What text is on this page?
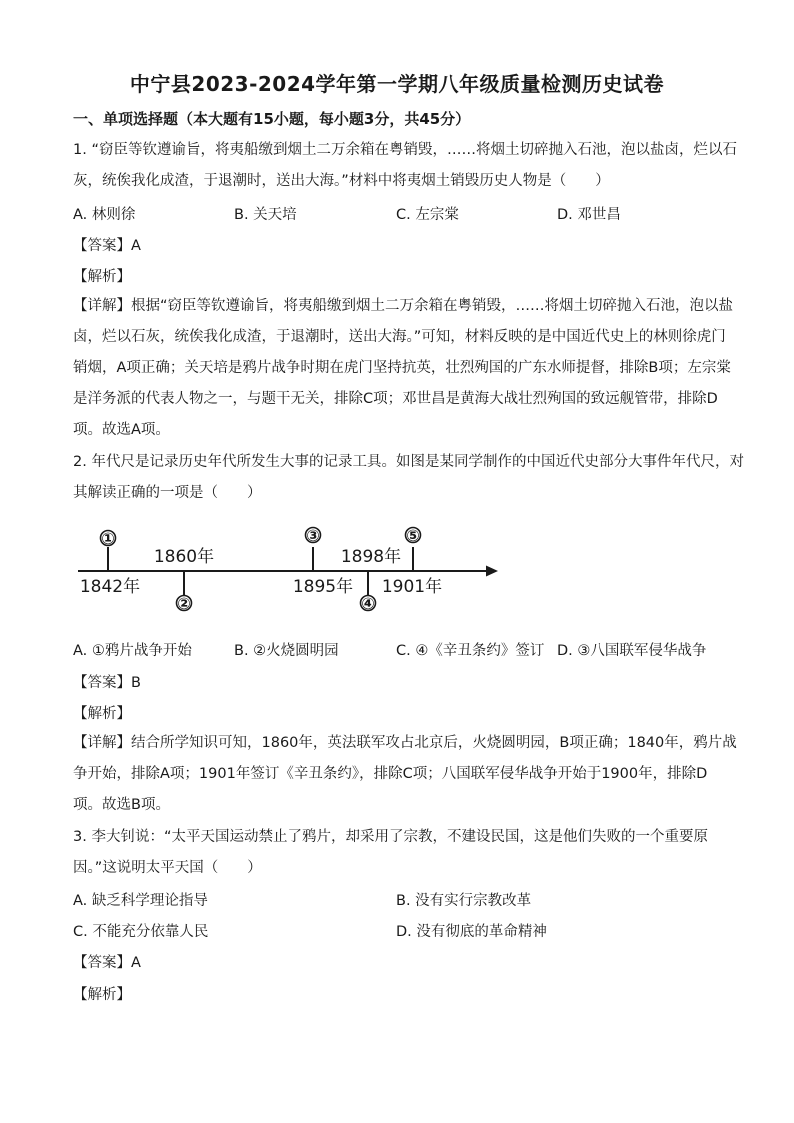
中宁县2023-2024学年第一学期八年级质量检测历史试卷
一、单项选择题（本大题有15小题，每小题3分，共45分）
1. “窃臣等钦遵谕旨，将夷船缴到烟土二万余箱在粤销毁，……将烟土切碎抛入石池，泡以盐卤，烂以石
灰，统俟我化成渣，于退潮时，送出大海。”材料中将夷烟土销毁历史人物是（　　）
A. 林则徐	B. 关天培	C. 左宗棠	D. 邓世昌
【答案】A
【解析】
【详解】根据“窃臣等钦遵谕旨，将夷船缴到烟土二万余箱在粤销毁，……将烟土切碎抛入石池，泡以盐
卤，烂以石灰，统俟我化成渣，于退潮时，送出大海。”可知，材料反映的是中国近代史上的林则徐虎门
销烟，A项正确；关天培是鸦片战争时期在虎门坚持抗英，壮烈殉国的广东水师提督，排除B项；左宗棠
是洋务派的代表人物之一，与题干无关，排除C项；邓世昌是黄海大战壮烈殉国的致远舰管带，排除D
项。故选A项。
2. 年代尺是记录历史年代所发生大事的记录工具。如图是某同学制作的中国近代史部分大事件年代尺，对
其解读正确的一项是（　　）
①
②
③
④
⑤
1860年	1898年
1842年	1895年 1901年
A. ①鸦片战争开始	B. ②火烧圆明园	C. ④《辛丑条约》签订 D. ③八国联军侵华战争
【答案】B
【解析】
【详解】结合所学知识可知，1860年，英法联军攻占北京后，火烧圆明园，B项正确；1840年，鸦片战
争开始，排除A项；1901年签订《辛丑条约》，排除C项；八国联军侵华战争开始于1900年，排除D
项。故选B项。
3. 李大钊说：“太平天国运动禁止了鸦片，却采用了宗教，不建设民国，这是他们失败的一个重要原
因。”这说明太平天国（　　）
A. 缺乏科学理论指导	B. 没有实行宗教改革
C. 不能充分依靠人民	D. 没有彻底的革命精神
【答案】A
【解析】
